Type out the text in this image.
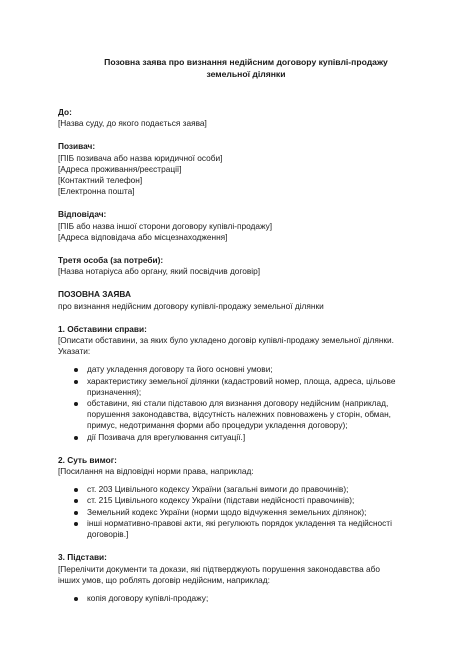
Позовна заява про визнання недійсним договору купівлі-продажу
земельної ділянки

До:

[Назва суду, до якого подається заява]

Позивач:

[ПІБ позивача або назва юридичної особи]

[Адреса проживання/реєстрації]

[Контактний телефон]

[Електронна пошта]

Відповідач:

[ПІБ або назва іншої сторони договору купівлі-продажу]

[Адреса відповідача або місцезнаходження]

Третя особа (за потреби):

[Назва нотаріуса або органу, який посвідчив договір]

ПОЗОВНА ЗАЯВА

про визнання недійсним договору купівлі-продажу земельної ділянки

1. Обставини справи:

[Описати обставини, за яких було укладено договір купівлі-продажу земельної ділянки.

Указати:

дату укладення договору та його основні умови;
характеристику земельної ділянки (кадастровий номер, площа, адреса, цільове
призначення);
обставини, які стали підставою для визнання договору недійсним (наприклад,
порушення законодавства, відсутність належних повноважень у сторін, обман,
примус, недотримання форми або процедури укладення договору);
дії Позивача для врегулювання ситуації.]

2. Суть вимог:

[Посилання на відповідні норми права, наприклад:

ст. 203 Цивільного кодексу України (загальні вимоги до правочинів);
ст. 215 Цивільного кодексу України (підстави недійсності правочинів);
Земельний кодекс України (норми щодо відчуження земельних ділянок);
інші нормативно-правові акти, які регулюють порядок укладення та недійсності
договорів.]

3. Підстави:

[Перелічити документи та докази, які підтверджують порушення законодавства або

інших умов, що роблять договір недійсним, наприклад:

копія договору купівлі-продажу;
